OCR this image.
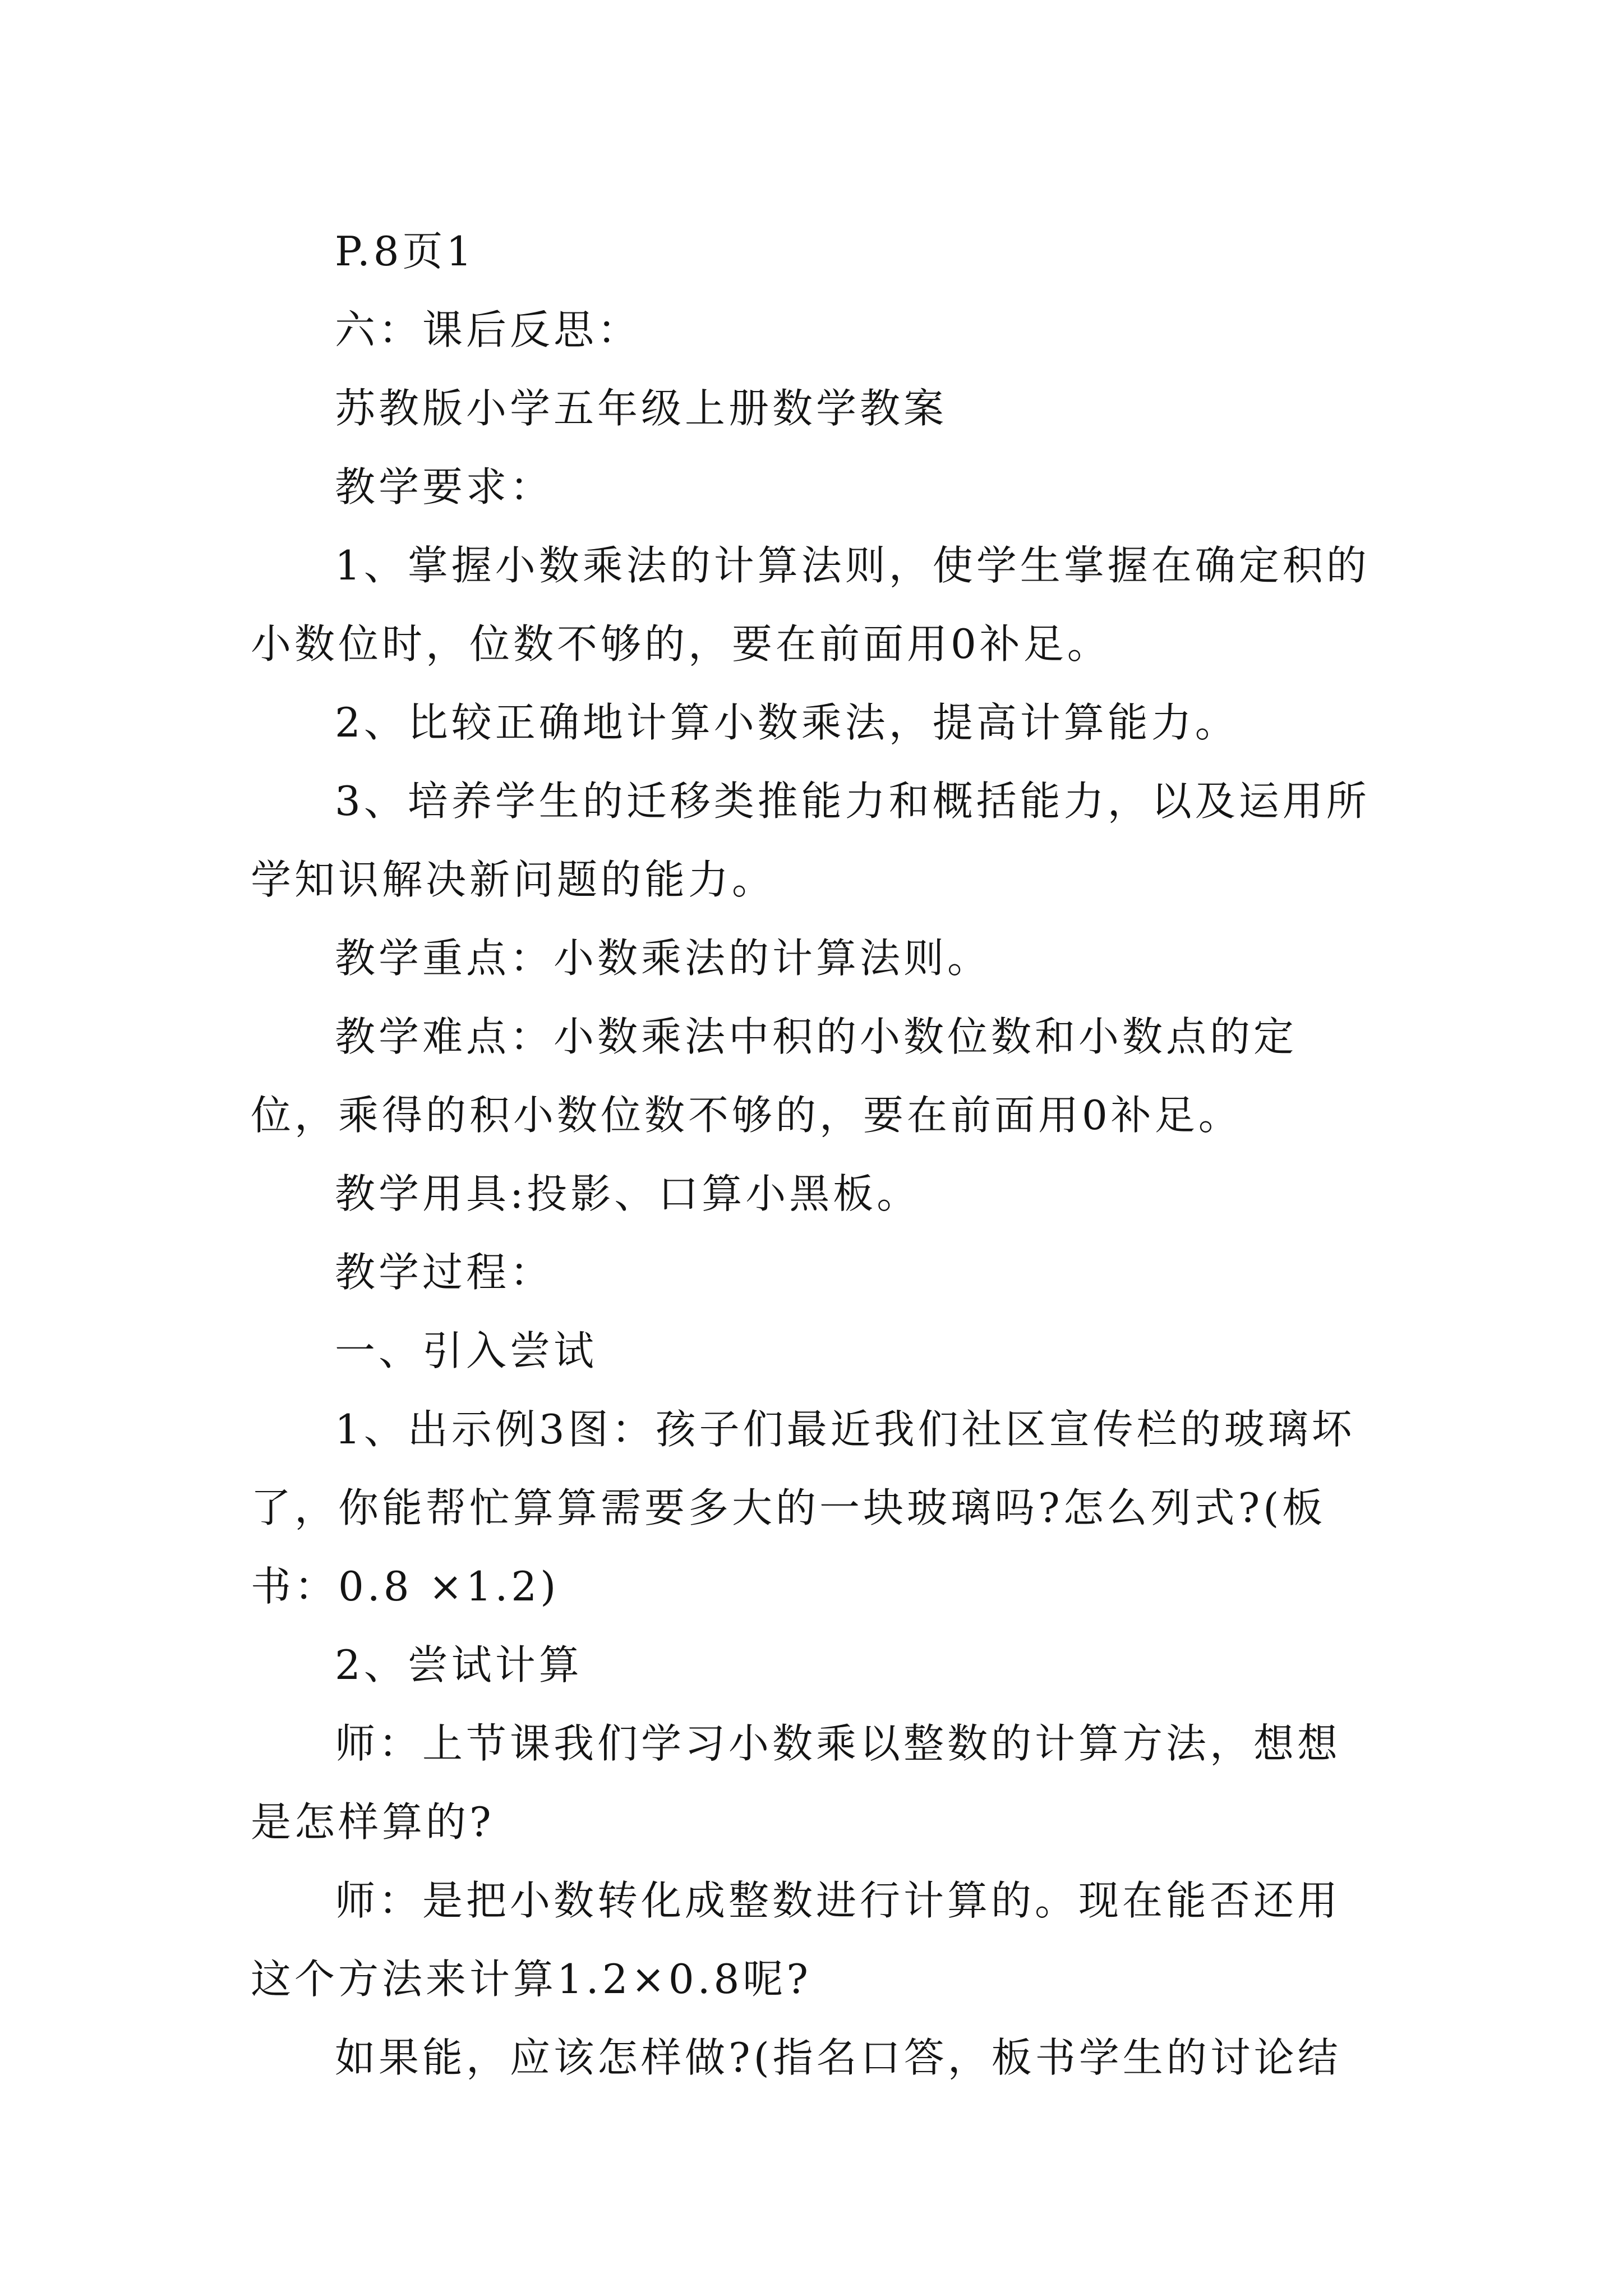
P.8页1

六：课后反思：

苏教版小学五年级上册数学教案

教学要求：

1、掌握小数乘法的计算法则，使学生掌握在确定积的小数位时，位数不够的，要在前面用0补足。

2、比较正确地计算小数乘法，提高计算能力。

3、培养学生的迁移类推能力和概括能力，以及运用所学知识解决新问题的能力。

教学重点：小数乘法的计算法则。

教学难点：小数乘法中积的小数位数和小数点的定位，乘得的积小数位数不够的，要在前面用0补足。

教学用具:投影、口算小黑板。

教学过程：

一、引入尝试

1、出示例3图：孩子们最近我们社区宣传栏的玻璃坏了，你能帮忙算算需要多大的一块玻璃吗?怎么列式?(板书：0.8 ×1.2)

2、尝试计算

师：上节课我们学习小数乘以整数的计算方法，想想是怎样算的?

师：是把小数转化成整数进行计算的。现在能否还用这个方法来计算1.2×0.8呢?

如果能，应该怎样做?(指名口答，板书学生的讨论结
